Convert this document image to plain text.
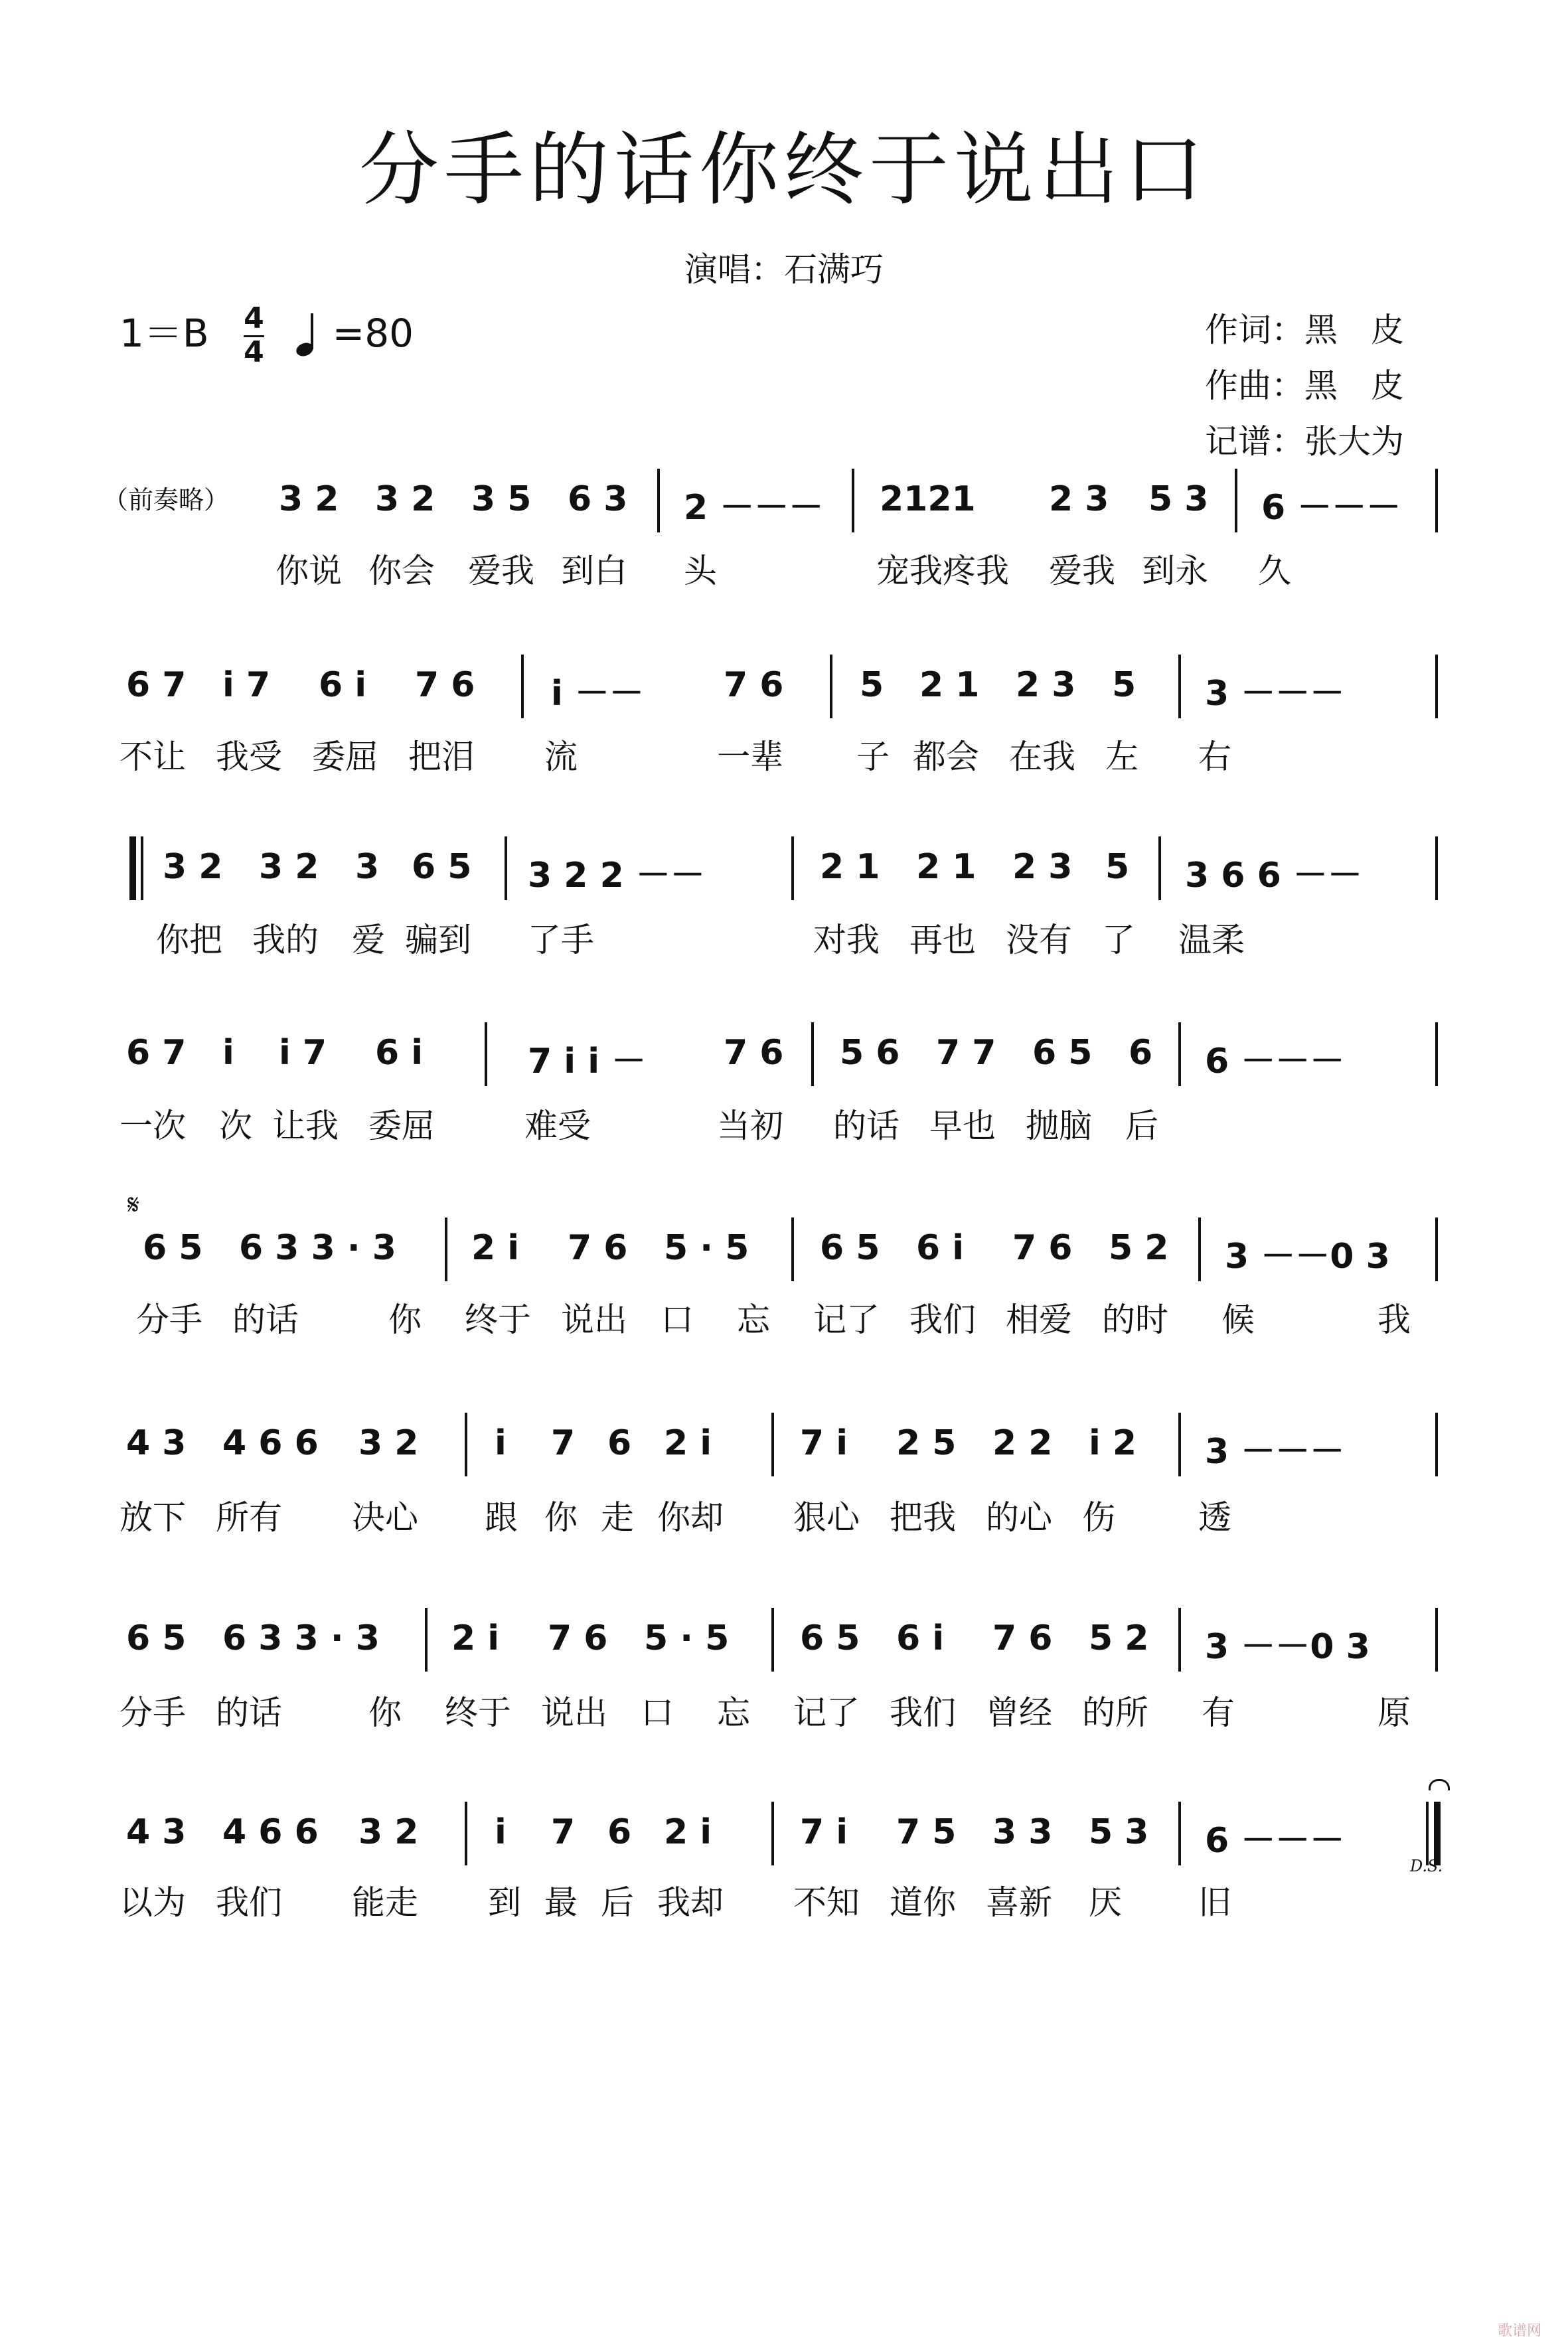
分手的话你终于说出口
演唱：石满巧
$1=B \frac{4}{4}$
=80	作词：黑　皮
作曲：黑　皮
记谱：张大为
（前奏略）
𝄋
3 2 3 2 3 5 6 3 2 －－－ 2121 2 3 5 3 6 －－－
你说 你会 爱我 到白 头	宠我疼我 爱我 到永 久
6 7 i 7 6 i 7 6 i －－ 7 6 5 2 1 2 3 5 3 －－－
不让 我受 委屈 把泪 流	一辈 子 都会 在我 左 右
3 2 3 2 3 6 5 3 2 2 －－	2 1 2 1 2 3 5 3 6 6 －－
你把 我的 爱 骗到 了手	对我 再也 没有 了 温柔
6 7 i i 7 6 i	7 i i － 7 6 5 6 7 7 6 5 6 6 －－－
一次 次 让我 委屈	难受	当初 的话 早也 抛脑 后
6 5 6 3 3 · 3 2 i 7 6 5 · 5 6 5 6 i 7 6 5 2 3 －－0 3
分手 的话	你 终于 说出 口 忘 记了 我们 相爱 的时 候	我
4 3 4 6 6 3 2 i 7 6 2 i	7 i 2 5 2 2 i 2 3 －－－
放下 所有 决心 跟 你 走 你却 狠心 把我 的心 伤	透
6 5 6 3 3 · 3 2 i 7 6 5 · 5 6 5 6 i 7 6 5 2 3 －－0 3
分手 的话	你 终于 说出 口 忘 记了 我们 曾经 的所 有	原
4 3 4 6 6 3 2 i 7 6 2 i	7 i 7 5 3 3 5 3 6 －－－
D.S.
以为 我们 能走 到 最 后 我却 不知 道你 喜新 厌 旧
歌谱网
